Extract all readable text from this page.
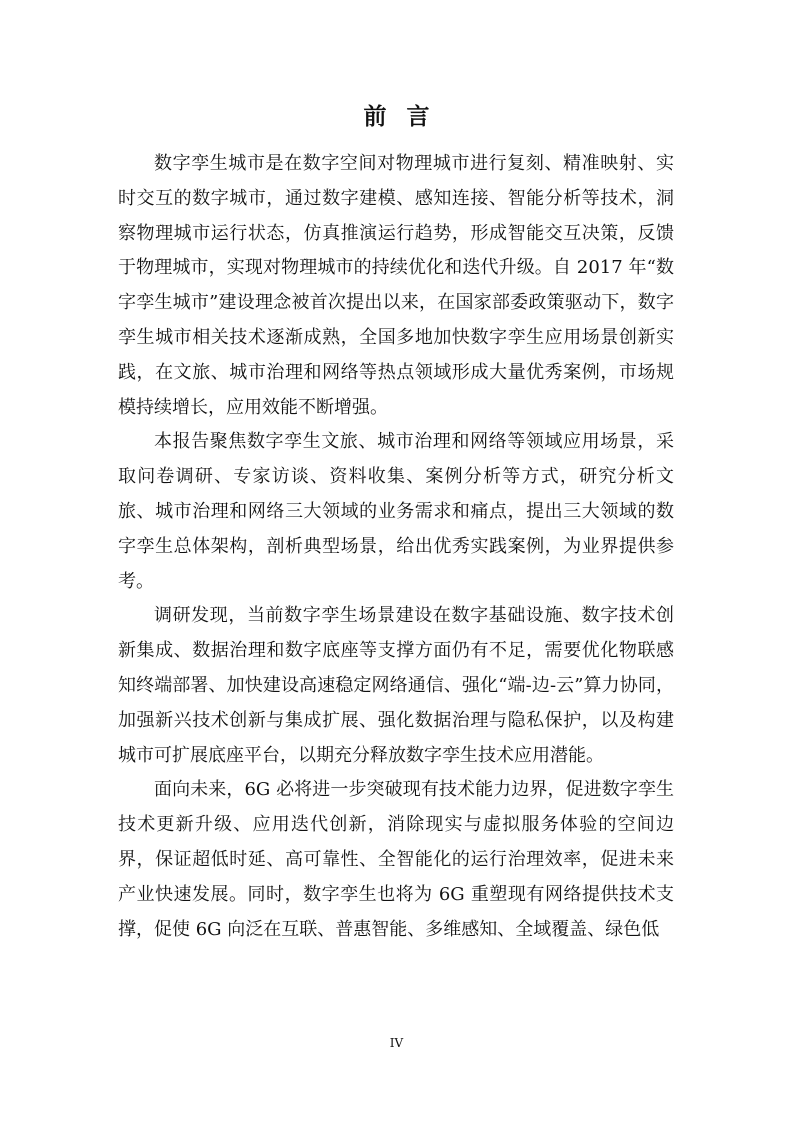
前言

数字孪生城市是在数字空间对物理城市进行复刻、精准映射、实时交互的数字城市，通过数字建模、感知连接、智能分析等技术，洞察物理城市运行状态，仿真推演运行趋势，形成智能交互决策，反馈于物理城市，实现对物理城市的持续优化和迭代升级。自 2017 年“数字孪生城市”建设理念被首次提出以来，在国家部委政策驱动下，数字孪生城市相关技术逐渐成熟，全国多地加快数字孪生应用场景创新实践，在文旅、城市治理和网络等热点领域形成大量优秀案例，市场规模持续增长，应用效能不断增强。

本报告聚焦数字孪生文旅、城市治理和网络等领域应用场景，采取问卷调研、专家访谈、资料收集、案例分析等方式，研究分析文旅、城市治理和网络三大领域的业务需求和痛点，提出三大领域的数字孪生总体架构，剖析典型场景，给出优秀实践案例，为业界提供参考。

调研发现，当前数字孪生场景建设在数字基础设施、数字技术创新集成、数据治理和数字底座等支撑方面仍有不足，需要优化物联感知终端部署、加快建设高速稳定网络通信、强化“端-边-云”算力协同，加强新兴技术创新与集成扩展、强化数据治理与隐私保护，以及构建城市可扩展底座平台，以期充分释放数字孪生技术应用潜能。

面向未来，6G 必将进一步突破现有技术能力边界，促进数字孪生技术更新升级、应用迭代创新，消除现实与虚拟服务体验的空间边界，保证超低时延、高可靠性、全智能化的运行治理效率，促进未来产业快速发展。同时，数字孪生也将为 6G 重塑现有网络提供技术支撑，促使 6G 向泛在互联、普惠智能、多维感知、全域覆盖、绿色低

IV
